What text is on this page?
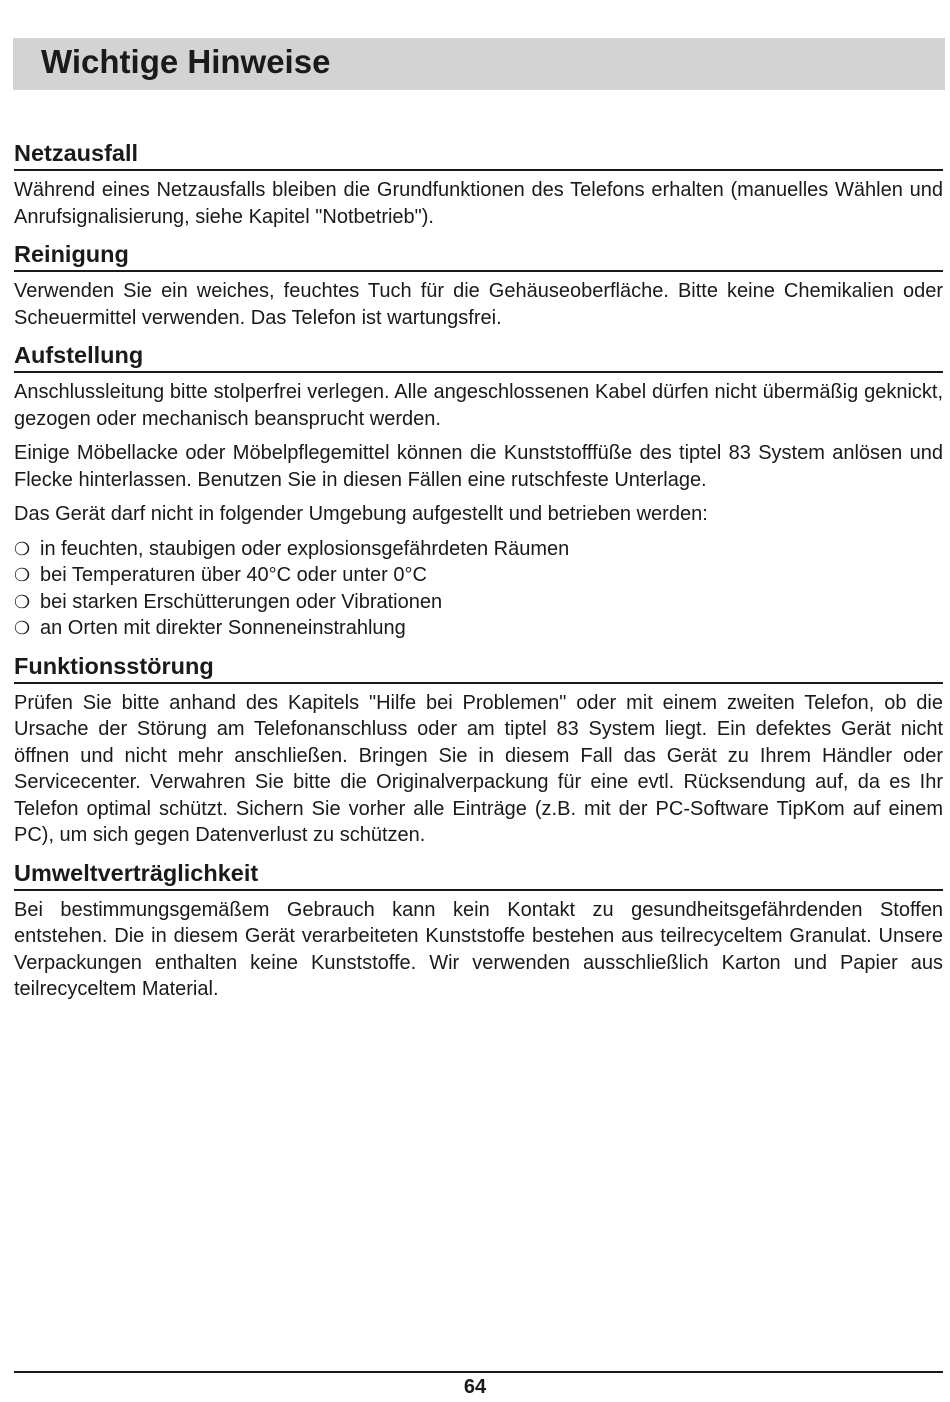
Wichtige Hinweise
Netzausfall

Während eines Netzausfalls bleiben die Grundfunktionen des Telefons erhalten (manuelles Wählen und Anrufsignalisierung, siehe Kapitel "Notbetrieb").

Reinigung

Verwenden Sie ein weiches, feuchtes Tuch für die Gehäuseoberfläche. Bitte keine Chemikalien oder Scheuermittel verwenden. Das Telefon ist wartungsfrei.

Aufstellung

Anschlussleitung bitte stolperfrei verlegen. Alle angeschlossenen Kabel dürfen nicht übermäßig geknickt, gezogen oder mechanisch beansprucht werden.

Einige Möbellacke oder Möbelpflegemittel können die Kunststofffüße des tiptel 83 System anlösen und Flecke hinterlassen. Benutzen Sie in diesen Fällen eine rutschfeste Unterlage.

Das Gerät darf nicht in folgender Umgebung aufgestellt und betrieben werden:

❍ in feuchten, staubigen oder explosionsgefährdeten Räumen
❍ bei Temperaturen über 40°C oder unter 0°C
❍ bei starken Erschütterungen oder Vibrationen
❍ an Orten mit direkter Sonneneinstrahlung
Funktionsstörung

Prüfen Sie bitte anhand des Kapitels "Hilfe bei Problemen" oder mit einem zweiten Telefon, ob die Ursache der Störung am Telefonanschluss oder am tiptel 83 System liegt. Ein defektes Gerät nicht öffnen und nicht mehr anschließen. Bringen Sie in diesem Fall das Gerät zu Ihrem Händler oder Servicecenter. Verwahren Sie bitte die Originalverpackung für eine evtl. Rücksendung auf, da es Ihr Telefon optimal schützt. Sichern Sie vorher alle Einträge (z.B. mit der PC-Software TipKom auf einem PC), um sich gegen Datenverlust zu schützen.

Umweltverträglichkeit

Bei bestimmungsgemäßem Gebrauch kann kein Kontakt zu gesundheitsgefährdenden Stoffen entstehen. Die in diesem Gerät verarbeiteten Kunststoffe bestehen aus teilrecyceltem Granulat. Unsere Verpackungen enthalten keine Kunststoffe. Wir verwenden ausschließlich Karton und Papier aus teilrecyceltem Material.

64
